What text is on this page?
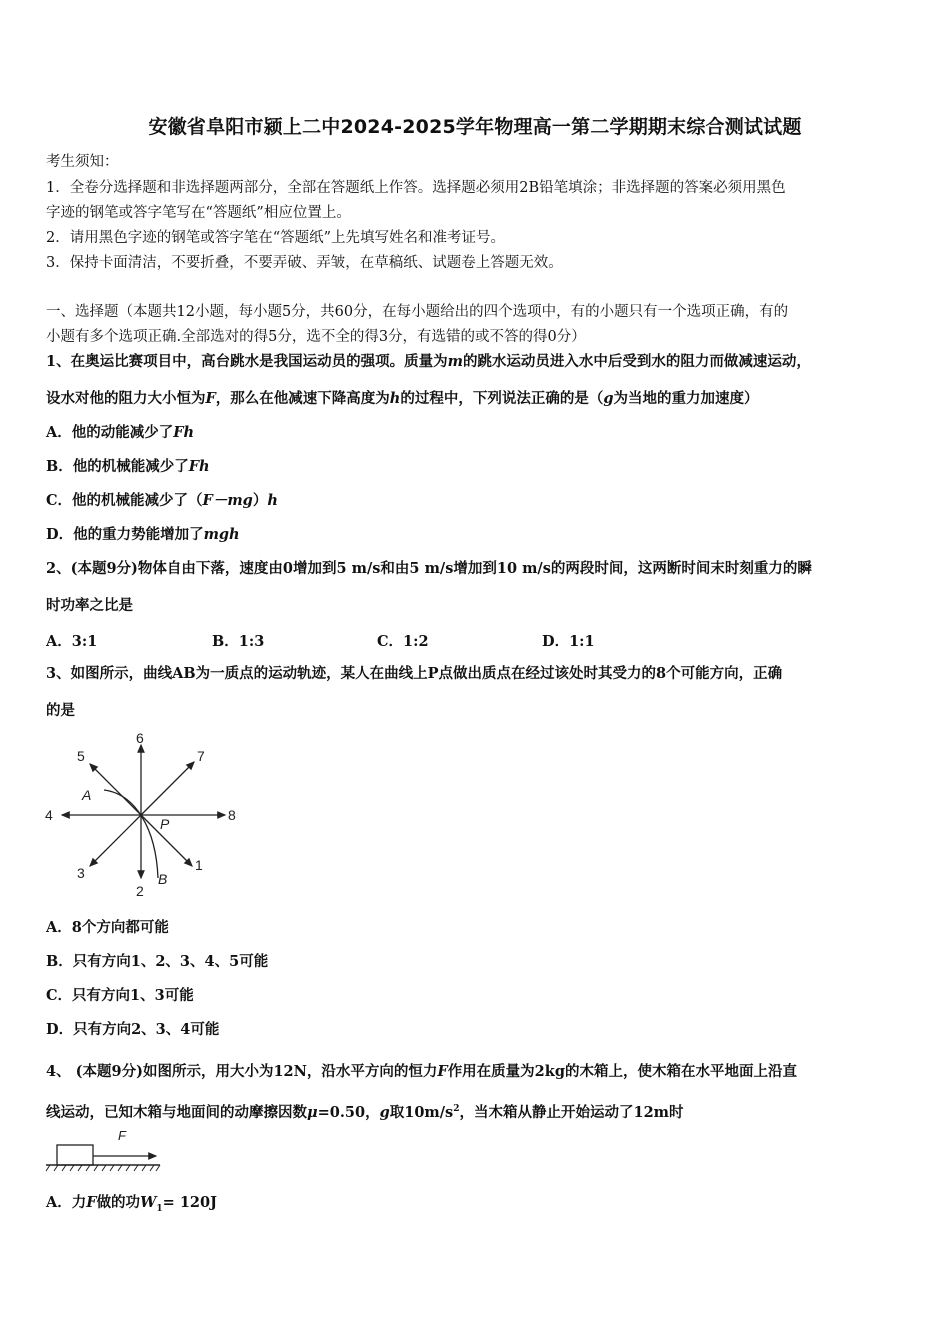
安徽省阜阳市颍上二中2024-2025学年物理高一第二学期期末综合测试试题
考生须知：
1．全卷分选择题和非选择题两部分，全部在答题纸上作答。选择题必须用2B铅笔填涂；非选择题的答案必须用黑色
字迹的钢笔或答字笔写在“答题纸”相应位置上。
2．请用黑色字迹的钢笔或答字笔在“答题纸”上先填写姓名和准考证号。
3．保持卡面清洁，不要折叠，不要弄破、弄皱，在草稿纸、试题卷上答题无效。
一、选择题（本题共12小题，每小题5分，共60分，在每小题给出的四个选项中，有的小题只有一个选项正确，有的
小题有多个选项正确.全部选对的得5分，选不全的得3分，有选错的或不答的得0分）
1、在奥运比赛项目中，高台跳水是我国运动员的强项。质量为m的跳水运动员进入水中后受到水的阻力而做减速运动，
设水对他的阻力大小恒为F，那么在他减速下降高度为h的过程中，下列说法正确的是（g为当地的重力加速度）
A．他的动能减少了Fh
B．他的机械能减少了Fh
C．他的机械能减少了（F－mg）h
D．他的重力势能增加了mgh
2、(本题9分)物体自由下落，速度由0增加到5 m/s和由5 m/s增加到10 m/s的两段时间，这两断时间末时刻重力的瞬
时功率之比是
A．3:1	B．1:3	C．1:2	D．1:1
3、如图所示，曲线AB为一质点的运动轨迹，某人在曲线上P点做出质点在经过该处时其受力的8个可能方向，正确
的是
1
2
3
4
5
6
7
8
P
A
B
A．8个方向都可能
B．只有方向1、2、3、4、5可能
C．只有方向1、3可能
D．只有方向2、3、4可能
4、 (本题9分)如图所示，用大小为12N，沿水平方向的恒力F作用在质量为2kg的木箱上，使木箱在水平地面上沿直
线运动，已知木箱与地面间的动摩擦因数μ=0.50，g取$10m/s^2$，当木箱从静止开始运动了12m时
F
A．力F做的功$W_1= 120J$
